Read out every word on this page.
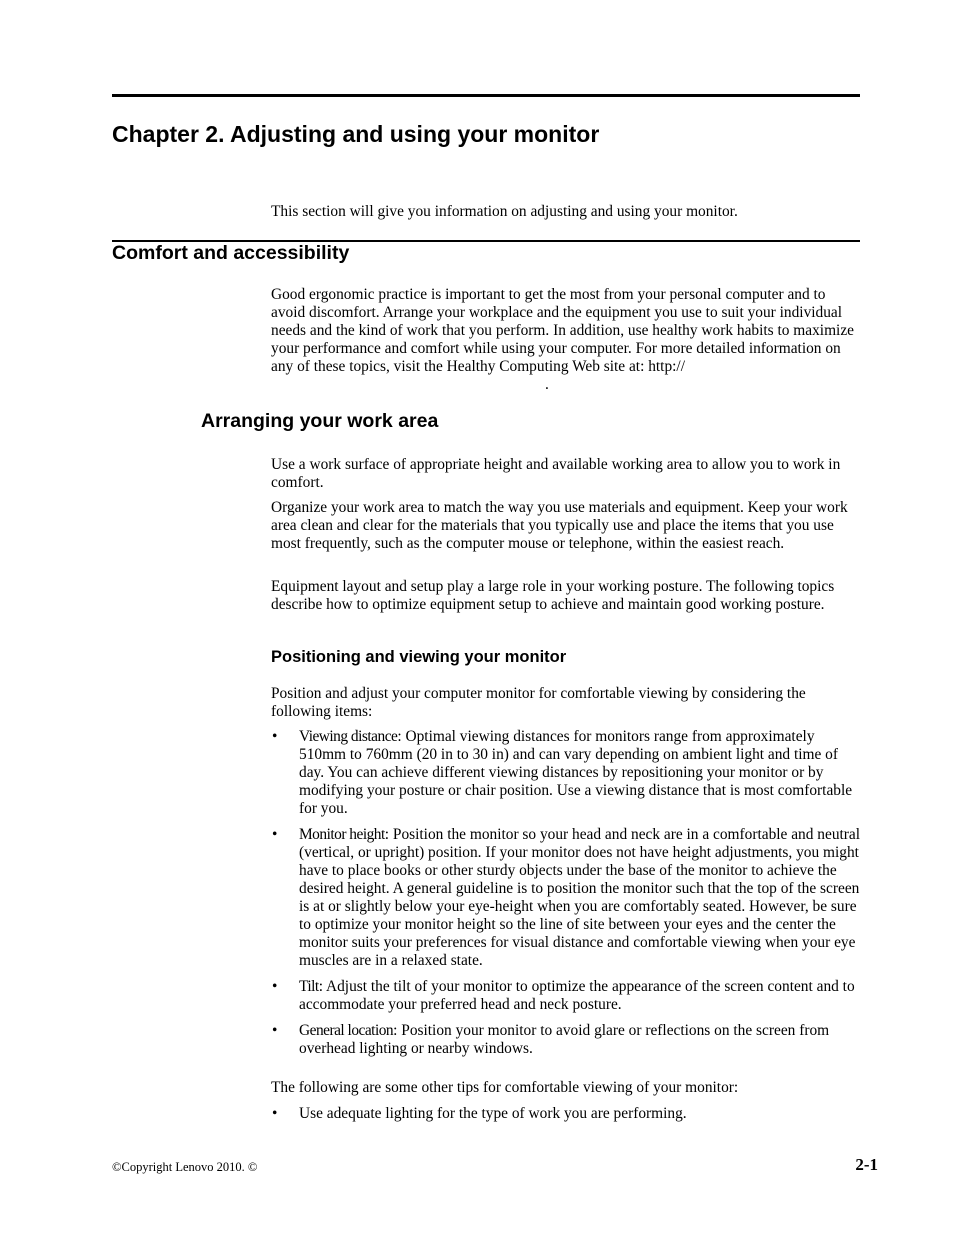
Chapter 2. Adjusting and using your monitor

This section will give you information on adjusting and using your monitor.

Comfort and accessibility

Good ergonomic practice is important to get the most from your personal computer and to avoid discomfort. Arrange your workplace and the equipment you use to suit your individual needs and the kind of work that you perform. In addition, use healthy work habits to maximize your performance and comfort while using your computer. For more detailed information on any of these topics, visit the Healthy Computing Web site at: http://.

Arranging your work area

Use a work surface of appropriate height and available working area to allow you to work in comfort.

Organize your work area to match the way you use materials and equipment. Keep your work area clean and clear for the materials that you typically use and place the items that you use most frequently, such as the computer mouse or telephone, within the easiest reach.

Equipment layout and setup play a large role in your working posture. The following topics describe how to optimize equipment setup to achieve and maintain good working posture.

Positioning and viewing your monitor

Position and adjust your computer monitor for comfortable viewing by considering the following items:

• Viewing distance: Optimal viewing distances for monitors range from approximately 510mm to 760mm (20 in to 30 in) and can vary depending on ambient light and time of day. You can achieve different viewing distances by repositioning your monitor or by modifying your posture or chair position. Use a viewing distance that is most comfortable for you.
• Monitor height: Position the monitor so your head and neck are in a comfortable and neutral (vertical, or upright) position. If your monitor does not have height adjustments, you might have to place books or other sturdy objects under the base of the monitor to achieve the desired height. A general guideline is to position the monitor such that the top of the screen is at or slightly below your eye-height when you are comfortably seated. However, be sure to optimize your monitor height so the line of site between your eyes and the center the monitor suits your preferences for visual distance and comfortable viewing when your eye muscles are in a relaxed state.
• Tilt: Adjust the tilt of your monitor to optimize the appearance of the screen content and to accommodate your preferred head and neck posture.
• General location: Position your monitor to avoid glare or reflections on the screen from overhead lighting or nearby windows.

The following are some other tips for comfortable viewing of your monitor:

• Use adequate lighting for the type of work you are performing.
©Copyright Lenovo 2010. ©	2-1
